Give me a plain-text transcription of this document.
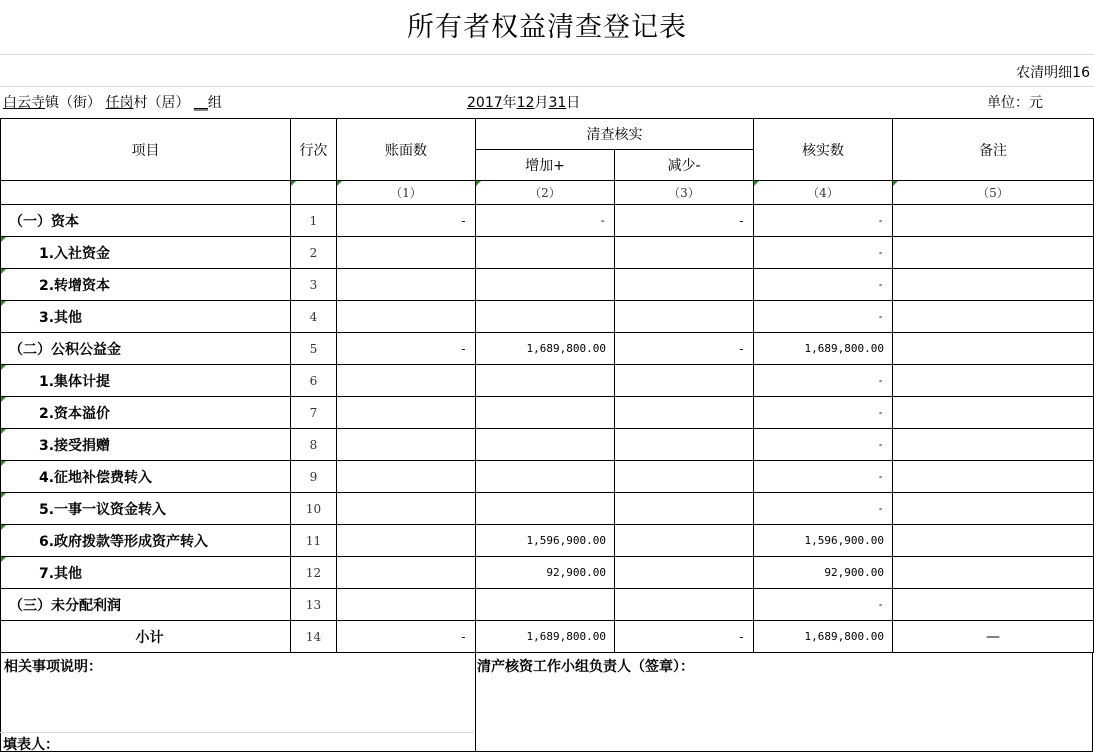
所有者权益清查登记表
农清明细16
白云寺镇（街） 任岗村（居） __组	2017年12月31日	单位：元
项目	行次	账面数	清查核实		核实数	备注
			增加+	减少-		
		（1）	（2）	（3）	（4）	（5）
（一）资本	1	-	-	-	-	
1.入社资金	2				-	
2.转增资本	3				-	
3.其他	4				-	
（二）公积公益金	5	-	1,689,800.00	-	1,689,800.00	
1.集体计提	6				-	
2.资本溢价	7				-	
3.接受捐赠	8				-	
4.征地补偿费转入	9				-	
5.一事一议资金转入	10				-	
6.政府拨款等形成资产转入	11		1,596,900.00		1,596,900.00	
7.其他	12		92,900.00		92,900.00	
（三）未分配利润	13				-	
小计	14	-	1,689,800.00	-	1,689,800.00	—
相关事项说明：	清产核资工作小组负责人（签章）：
填表人：
